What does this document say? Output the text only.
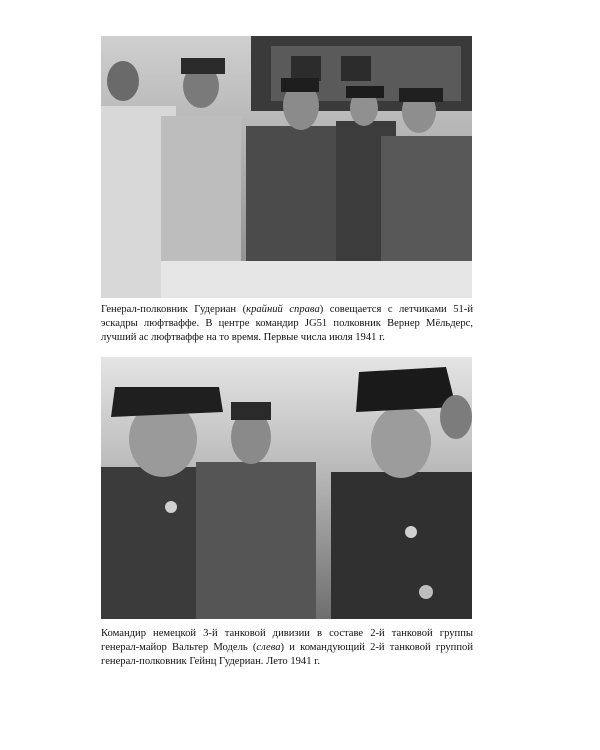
Генерал-полковник Гудериан (крайний справа) совещается с летчиками 51-й эскадры люфтваффе. В центре командир JG51 полковник Вернер Мёльдерс, лучший ас люфтваффе на то время. Первые числа июля 1941 г.
Командир немецкой 3-й танковой дивизии в составе 2-й танковой группы генерал-майор Вальтер Модель (слева) и командующий 2-й танковой группой генерал-полковник Гейнц Гудериан. Лето 1941 г.
